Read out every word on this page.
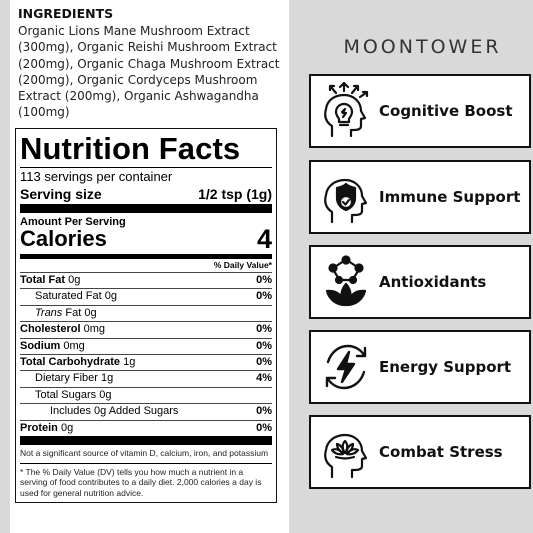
INGREDIENTS
Organic Lions Mane Mushroom Extract (300mg), Organic Reishi Mushroom Extract (200mg), Organic Chaga Mushroom Extract (200mg), Organic Cordyceps Mushroom Extract (200mg), Organic Ashwagandha (100mg)
Nutrition Facts
113 servings per container
Serving size	1/2 tsp (1g)
Amount Per Serving
Calories	4
% Daily Value*
Total Fat 0g	0%
Saturated Fat 0g	0%
Trans Fat 0g
Cholesterol 0mg	0%
Sodium 0mg	0%
Total Carbohydrate 1g	0%
Dietary Fiber 1g	4%
Total Sugars 0g
Includes 0g Added Sugars	0%
Protein 0g	0%
Not a significant source of vitamin D, calcium, iron, and potassium
* The % Daily Value (DV) tells you how much a nutrient in a serving of food contributes to a daily diet. 2,000 calories a day is used for general nutrition advice.
MOONTOWER
Cognitive Boost
Immune Support
Antioxidants
Energy Support
Combat Stress
